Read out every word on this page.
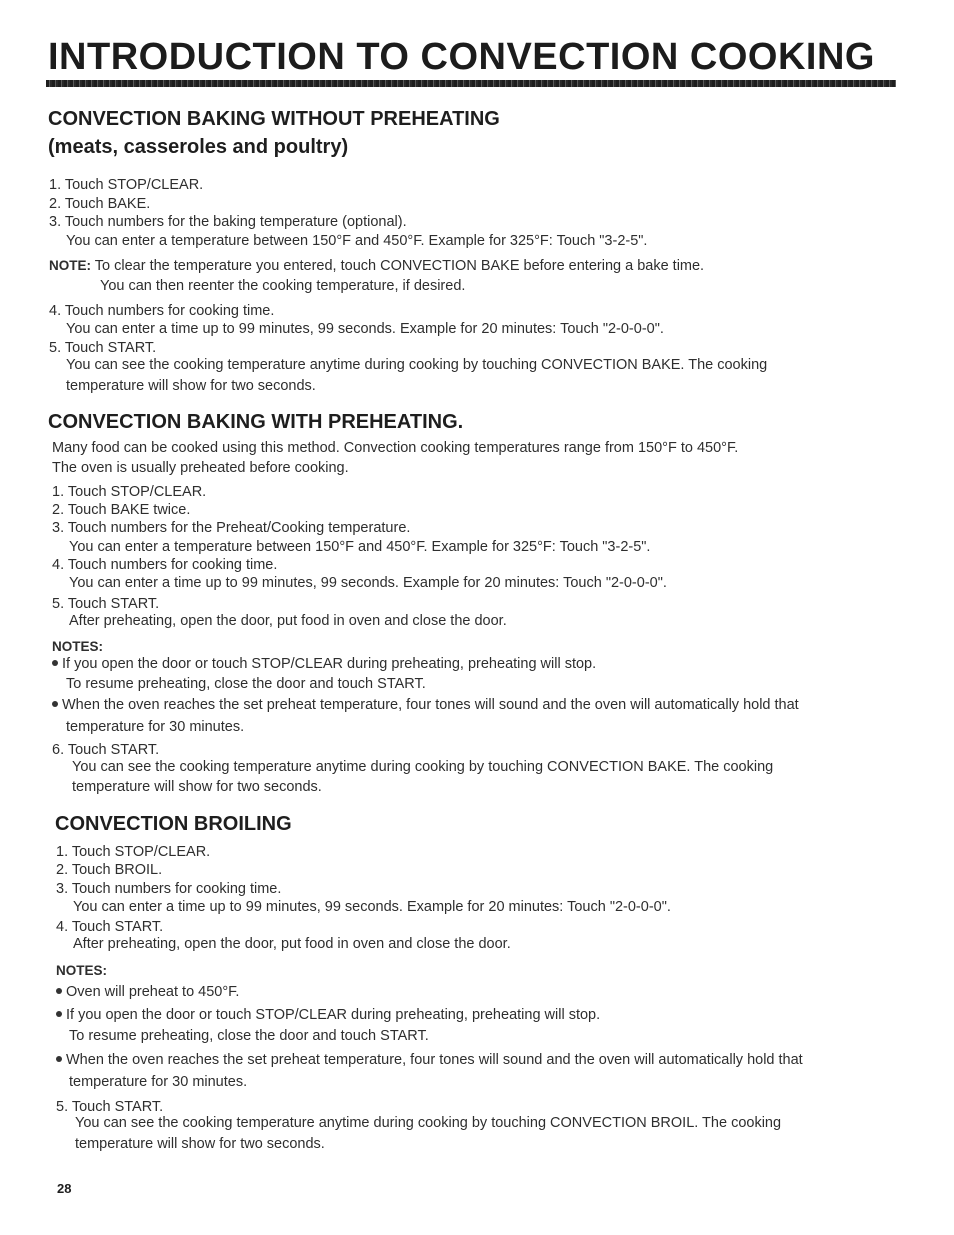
INTRODUCTION TO CONVECTION COOKING
CONVECTION BAKING WITHOUT PREHEATING
(meats, casseroles and poultry)
1. Touch STOP/CLEAR.
2. Touch BAKE.
3. Touch numbers for the baking temperature (optional).
You can enter a temperature between 150°F and 450°F. Example for 325°F: Touch "3-2-5".
NOTE: To clear the temperature you entered, touch CONVECTION BAKE before entering a bake time.
You can then reenter the cooking temperature, if desired.
4. Touch numbers for cooking time.
You can enter a time up to 99 minutes, 99 seconds. Example for 20 minutes: Touch "2-0-0-0".
5. Touch START.
You can see the cooking temperature anytime during cooking by touching CONVECTION BAKE. The cooking
temperature will show for two seconds.
CONVECTION BAKING WITH PREHEATING.
Many food can be cooked using this method. Convection cooking temperatures range from 150°F to 450°F.
The oven is usually preheated before cooking.
1. Touch STOP/CLEAR.
2. Touch BAKE twice.
3. Touch numbers for the Preheat/Cooking temperature.
You can enter a temperature between 150°F and 450°F. Example for 325°F: Touch "3-2-5".
4. Touch numbers for cooking time.
You can enter a time up to 99 minutes, 99 seconds. Example for 20 minutes: Touch "2-0-0-0".
5. Touch START.
After preheating, open the door, put food in oven and close the door.
NOTES:
If you open the door or touch STOP/CLEAR during preheating, preheating will stop.
To resume preheating, close the door and touch START.
When the oven reaches the set preheat temperature, four tones will sound and the oven will automatically hold that
temperature for 30 minutes.
6. Touch START.
You can see the cooking temperature anytime during cooking by touching CONVECTION BAKE. The cooking
temperature will show for two seconds.
CONVECTION BROILING
1. Touch STOP/CLEAR.
2. Touch BROIL.
3. Touch numbers for cooking time.
You can enter a time up to 99 minutes, 99 seconds. Example for 20 minutes: Touch "2-0-0-0".
4. Touch START.
After preheating, open the door, put food in oven and close the door.
NOTES:
Oven will preheat to 450°F.
If you open the door or touch STOP/CLEAR during preheating, preheating will stop.
To resume preheating, close the door and touch START.
When the oven reaches the set preheat temperature, four tones will sound and the oven will automatically hold that
temperature for 30 minutes.
5. Touch START.
You can see the cooking temperature anytime during cooking by touching CONVECTION BROIL. The cooking
temperature will show for two seconds.
28
